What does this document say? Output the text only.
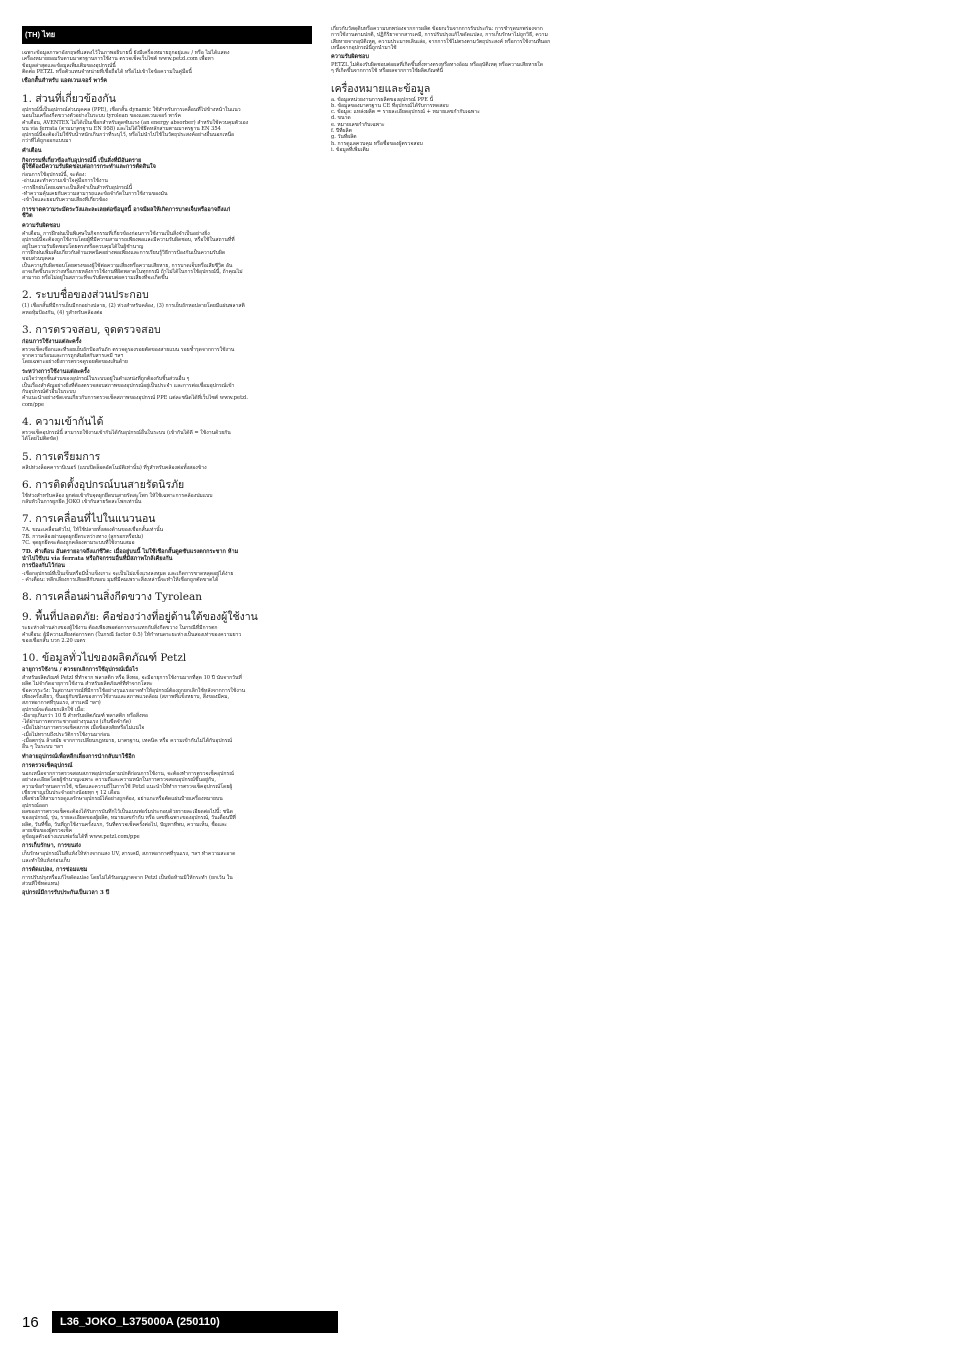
(TH) ไทย

เฉพาะข้อมูลภาษาอังกฤษที่แสดงไว้ในภาพอธิบายนี้ ยังมีเครื่องหมายถูกอยู่และ / หรือ ไม่ได้แสดง
เครื่องหมายยอมรับตามมาตรฐานการใช้งาน ตรวจเช็คเว็บไซต์ www.petzl.com เพื่อหา
ข้อมูลล่าสุดและข้อมูลเพิ่มเติมของอุปกรณ์นี้
ติดต่อ PETZL หรือตัวแทนจำหน่ายที่เชื่อถือได้ หรือไม่เข้าใจข้อความในคู่มือนี้

เชือกสั้นสำหรับ แอดเวนเจอร์ พาร์ค
1. ส่วนที่เกี่ยวข้องกัน

อุปกรณ์นี้เป็นอุปกรณ์ส่วนบุคคล (PPE), เชือกสั้น dynamic ใช้สำหรับการเคลื่อนที่ไปข้างหน้าในแนว
นอนในเครื่องกีดขวางตัวอย่างในระบบ tyrolean ของแอดเวนเจอร์ พาร์ค
คำเตือน, AVENTEX ไม่ได้เป็นเชือกสำหรับดูดซับแรง (an energy absorber) สำหรับใช้ควบคุมตัวเอง
บน via ferrata (ตามมาตรฐาน EN 958) และไม่ได้ใช้ยึดหลักสามตามมาตรฐาน EN 354
อุปกรณ์นี้จะต้องไม่ใช้รับน้ำหนักเกินกว่าที่ระบุไว้, หรือไม่นำไปใช้ในวัตถุประสงค์อย่างอื่นนอกเหนือ
กว่าที่ได้ถูกออกแบบมา

คำเตือน
กิจกรรมที่เกี่ยวข้องกับอุปกรณ์นี้ เป็นสิ่งที่มีอันตราย
ผู้ใช้ต้องมีความรับผิดชอบต่อการกระทำและการตัดสินใจ

ก่อนการใช้อุปกรณ์นี้, จะต้อง:
-อ่านและทำความเข้าใจคู่มือการใช้งาน
-การฝึกฝนโดยเฉพาะเป็นสิ่งจำเป็นสำหรับอุปกรณ์นี้
-ทำความคุ้นเคยกับความสามารถและข้อจำกัดในการใช้งานของมัน
-เข้าใจและยอมรับความเสี่ยงที่เกี่ยวข้อง

การขาดความระมัดระวังและละเลยต่อข้อมูลนี้ อาจมีผลให้เกิดการบาดเจ็บหรืออาจถึงแก่
ชีวิต
ความรับผิดชอบ

คำเตือน, การฝึกฝนเป็นพิเศษในกิจกรรมที่เกี่ยวข้องก่อนการใช้งานเป็นสิ่งจำเป็นอย่างยิ่ง
อุปกรณ์นี้จะต้องถูกใช้งานโดยผู้ที่มีความสามารถเพียงพอและมีความรับผิดชอบ, หรือใช้ในสถานที่ที่
อยู่ในความรับผิดชอบโดยตรงหรือควบคุมได้ในผู้ชำนาญ
การฝึกฝนเพิ่มเติมเกี่ยวกับด้านเทคนิคอย่างพอเพียงและการเรียนรู้วิธีการป้องกันเป็นความรับผิด
ชอบส่วนบุคคล
เป็นความรับผิดชอบโดยตรงของผู้ใช้ต่อความเสี่ยงหรือความเสียหาย, การบาดเจ็บหรือเสียชีวิต อัน
อาจเกิดขึ้นระหว่างหรือภายหลังการใช้งานที่ผิดพลาดในทุกกรณี ถ้าไม่ได้ในการใช้อุปกรณ์นี้, ถ้าคุณไม่
สามารถ หรือไม่อยู่ในสภาวะที่จะรับผิดชอบต่อความเสี่ยงที่จะเกิดขึ้น

2. ระบบชื่อของส่วนประกอบ

(1) เชือกสั้นที่มีการเย็บมีกกอย่างปลาย, (2) ห่วงสำหรับคล้อง, (3) การเย็บถักหอปลายโดยมีแผ่นพลาสติ
คหอหุ้มป้องกัน, (4) รูสำหรับคล้องต่อ

3. การตรวจสอบ, จุดตรวจสอบ
ก่อนการใช้งานแต่ละครั้ง

ตรวจเช็คเชือกและที่รอยเย็บถักป้องกันถัก ตรวจดูรองรอยตัดของสายแบน รอยช้ำรุดจากการใช้งาน
จากความร้อนและการถูกสัมผัสกับสารเคมี ฯลฯ
โดยเฉพาะอย่างยิ่งการตรวจดูรอยตัดของเส้นด้าย

ระหว่างการใช้งานแต่ละครั้ง

แน่ใจว่าทุกชิ้นส่วนของอุปกรณ์ในระบบอยู่ในตำแหน่งที่ถูกต้องกับชิ้นส่วนอื่น ๆ
เป็นเรื่องสำคัญอย่างยิ่งที่ต้องตรวจสอบสภาพของอุปกรณ์อยู่เป็นประจำ และการต่อเชื่อมอุปกรณ์เข้า
กับอุปกรณ์ตัวอื่นในระบบ
คำแนะนำอย่างชัดเจนเกี่ยวกับการตรวจเช็คสภาพของอุปกรณ์ PPE แต่ละชนิดได้ที่เว็บไซต์ www.petzl.
com/ppe

4. ความเข้ากันได้

ตรวจเช็คอุปกรณ์นี้ สามารถใช้งานเข้ากันได้กับอุปกรณ์อื่นในระบบ (เข้ากันได้ดี = ใช้งานด้วยกัน
ได้โดยไม่ติดขัด)

5. การเตรียมการ

คลิปห่วงล็อคคาราบิเนอร์ (แบบปิดล็อคอัตโนมัติเท่านั้น) ที่รูสำหรับคล้องต่อทั้งสองข้าง

6. การติดตั้งอุปกรณ์บนสายรัดนิรภัย

ใช้ห่วงสำหรับคล้อง ผูกต่อเข้ากับจุดผูกยึดบนสายรัดสะโพก ให้ใช้เฉพาะการคล้องปมแบบ
กลับหัวในการผูกยึด JOKO เข้ากับสายรัดสะโพกเท่านั้น

7. การเคลื่อนที่ไปในแนวนอน

7A. ขณะเคลื่อนตัวไป, ให้ใช้ปลายทั้งสองด้านของเชือกสั้นเท่านั้น
7B. การคล้องผ่านจุดผูกยึดระหว่างทาง (ลูกรอกหรือปม)
7C. จุดผูกยึดจะต้องถูกคล้องตามระบบที่ใช้งานเสมอ

7D. คำเตือน อันตรายอาจถึงแก่ชีวิต: เมื่ออยู่บนนี้ ไม่ใช้เชือกสั้นดูดซับแรงตกกระชาก ห้าม
นำไปใช้บน via ferrata หรือกิจกรรมอื่นที่มีสภาพใกล้เคียงกัน
การป้องกันไว้ก่อน

-เชือกอุปกรณ์ที่เป็นเข็นหรือมีน้ำแข็งเกาะ จะเป็นไม่แข็งแรงลงหมด และเกิดการขาดหลุดอยู่ได้ง่าย
- คำเตือน: หลีกเลี่ยงการเสียดสีกับขอบ มุมที่มีคมเพราะสิ่งเหล่านี้จะทำให้เชือกถูกตัดขาดได้

8. การเคลื่อนผ่านสิ่งกีดขวาง Tyrolean
9. พื้นที่ปลอดภัย: คือช่องว่างที่อยู่ด้านใต้ของผู้ใช้งาน

ระยะห่างด้านล่างของผู้ใช้งาน ต้องเพียงพอต่อการกระแทกกับสิ่งกีดขวาง ในกรณีที่มีการตก
คำเตือน: ผู้มีความเสี่ยงต่อการตก (ในกรณี factor 0.5) ให้กำหนดระยะห่างเป็นสองเท่าของความยาว
ของเชือกสั้น บวก 2.20 เมตร

10. ข้อมูลทั่วไปของผลิตภัณฑ์ Petzl
อายุการใช้งาน / ควรยกเลิกการใช้อุปกรณ์เมื่อไร

สำหรับผลิตภัณฑ์ Petzl ที่ทำจาก พลาสติก หรือ สิ่งทอ, จะมีอายุการใช้งานมากที่สุด 10 ปี นับจากวันที่
ผลิต ไม่จำกัดอายุการใช้งาน สำหรับผลิตภัณฑ์ที่ทำจากโลหะ
ข้อควรระวัง: ในสถานการณ์ที่มีการใช้อย่างรุนแรงอาจทำให้อุปกรณ์ต้องถูกยกเลิกใช้หลังจากการใช้งาน
เพียงครั้งเดียว, ขึ้นอยู่กับชนิดของการใช้งานและสภาพแวดล้อม (สภาพที่แข็งหยาบ, สิ่งของมีคม,
สภาพอากาศที่รุนแรง, สารเคมี ฯลฯ)
อุปกรณ์จะต้องยกเลิกใช้ เมื่อ:
-มีอายุเกินกว่า 10 ปี สำหรับผลิตภัณฑ์ พลาสติก หรือสิ่งทอ
-ได้ผ่านการตกกระชากอย่างรุนแรง (เกินขีดจำกัด)
-เมื่อไม่ผ่านการตรวจเช็คสภาพ เมื่อข้อสงสัยหรือไม่แน่ใจ
-เมื่อไม่ทราบถึงประวัติการใช้งานมาก่อน
-เมื่อตกรุ่น ล้าสมัย จากการเปลี่ยนกฎหมาย, มาตรฐาน, เทคนิค หรือ ความเข้ากันไม่ได้กับอุปกรณ์
อื่น ๆ ในระบบ ฯลฯ

ทำลายอุปกรณ์เพื่อหลีกเลี่ยงการนำกลับมาใช้อีก
การตรวจเช็คอุปกรณ์

นอกเหนือจากการตรวจสอบสภาพอุปกรณ์ตามปกติก่อนการใช้งาน, จะต้องทำการตรวจเช็คอุปกรณ์
อย่างละเอียดโดยผู้ชำนาญเฉพาะ ความถี่และความหนักในการตรวจสอบอุปกรณ์ขึ้นอยู่กับ,
ความข้อกำหนดการใช้, ขนิดและความถี่ในการใช้ Petzl แนะนำให้ทำการตรวจเช็คอุปกรณ์โดยผู้
เชี่ยวชาญเป็นประจำอย่างน้อยทุก ๆ 12 เดือน
เพื่อช่วยให้สามารถดูแลรักษาอุปกรณ์ได้อย่างถูกต้อง, อย่าแกะหรือตัดแผ่นป้ายเครื่องหมายบน
อุปกรณ์ออก
ผลของการตรวจเช็คจะต้องได้รับการบันทึกไว้เป็นแบบฟอร์มประกอบด้วยรายละเอียดต่อไปนี้: ชนิด
ของอุปกรณ์, รุ่น, รายละเอียดของผู้ผลิต, หมายเลขกำกับ หรือ เลขที่เฉพาะของอุปกรณ์, วันเดือนปีที่
ผลิต, วันที่ซื้อ, วันที่ถูกใช้งานครั้งแรก, วันที่ตรวจเช็คครั้งต่อไป, ปัญหาที่พบ, ความเห็น, ชื่อและ
ลายเซ็นของผู้ตรวจเช็ค
ดูข้อมูลตัวอย่างแบบฟอร์มได้ที่ www.petzl.com/ppe

การเก็บรักษา, การขนส่ง

เก็บรักษาอุปกรณ์ในที่แห้งให้ห่างจากแสง UV, สารเคมี, สภาพอากาศที่รุนแรง, ฯลฯ ทำความสะอาด
และทำให้แห้งก่อนเก็บ

การดัดแปลง, การซ่อมแซม

การปรับปรุงหรือแก้ไขดัดแปลง โดยไม่ได้รับอนุญาตจาก Petzl เป็นข้อห้ามมิให้กระทำ (ยกเว้น ใน
ส่วนที่ใช้ทดแทน)

อุปกรณ์มีการรับประกันเป็นเวลา 3 ปี

เกี่ยวกับวัสดุดิบหรือความบกพร่องจากการผลิต ข้อยกเว้นจากการรับประกัน: การชำรุดบกพร่องจาก
การใช้งานตามปกติ, ปฏิกิริยาจากสารเคมี, การปรับปรุงแก้ไขดัดแปลง, การเก็บรักษาไม่ถูกวิธี, ความ
เสียหายจากอุบัติเหตุ, ความประมาทเลินเล่อ, จากการใช้ไม่ตรงตามวัตถุประสงค์ หรือการใช้งานที่นอก
เหนือจากอุปกรณ์นี้ถูกนำมาใช้

ความรับผิดชอบ

PETZL ไม่ต้องรับผิดชอบต่อผลที่เกิดขึ้นทั้งทางตรงหรือทางอ้อม หรืออุบัติเหตุ หรือความเสียหายใด
ๆ ที่เกิดขึ้นจากการใช้ หรือผลจากการใช้ผลิตภัณฑ์นี้

เครื่องหมายและข้อมูล

a. ข้อมูลหน่วยงานการผลิตของอุปกรณ์ PPE นี้
b. ข้อมูลของมาตรฐาน CE ที่อุปกรณ์ได้รับการทดสอบ
c. ข้อมูล: แหล่งผลิต = รายละเอียดอุปกรณ์ + หมายเลขกำกับเฉพาะ
d. ขนาด
e. หมายเลขกำกับเฉพาะ
f. ปีที่ผลิต
g. วันที่ผลิต
h. การดูแลควบคุม หรือชื่อของผู้ตรวจสอบ
i. ข้อมูลที่เพิ่มเติม

16	L36_JOKO_L375000A (250110)
